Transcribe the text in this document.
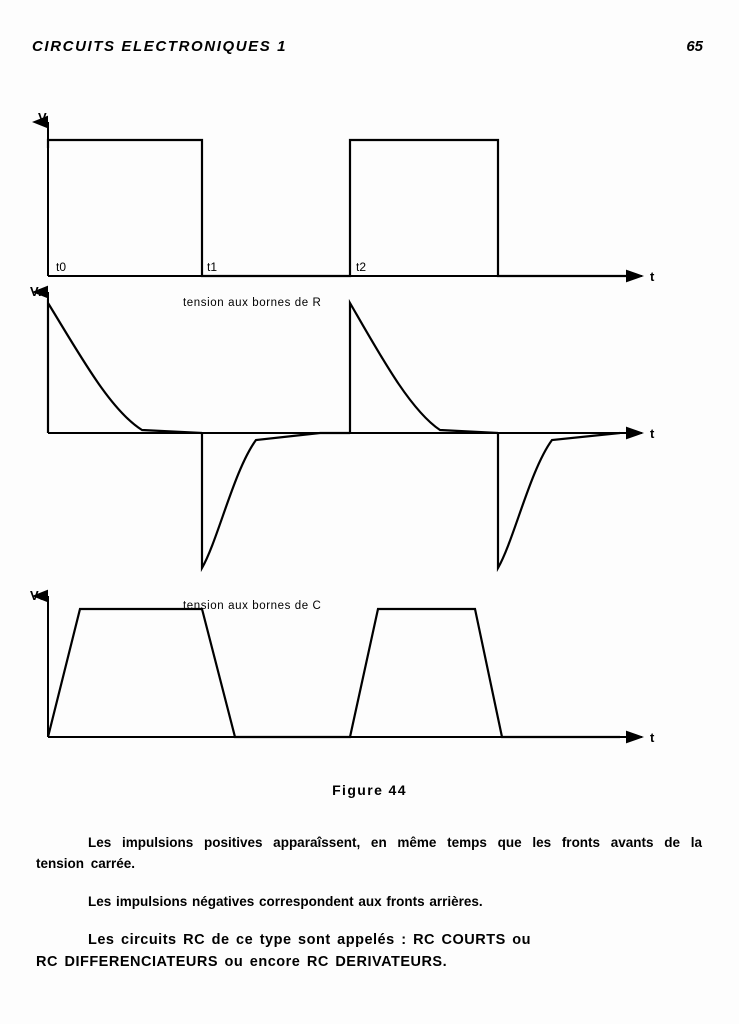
CIRCUITS ELECTRONIQUES 1	65
V
t
t0	t1	t2
Vr
t
tension aux bornes de R
Vc
t
tension aux bornes de C
Figure 44

Les impulsions positives apparaîssent, en même temps que les fronts avants de la tension carrée.

Les impulsions négatives correspondent aux fronts arrières.

Les circuits RC de ce type sont appelés : RC COURTS ou
RC DIFFERENCIATEURS ou encore RC DERIVATEURS.
